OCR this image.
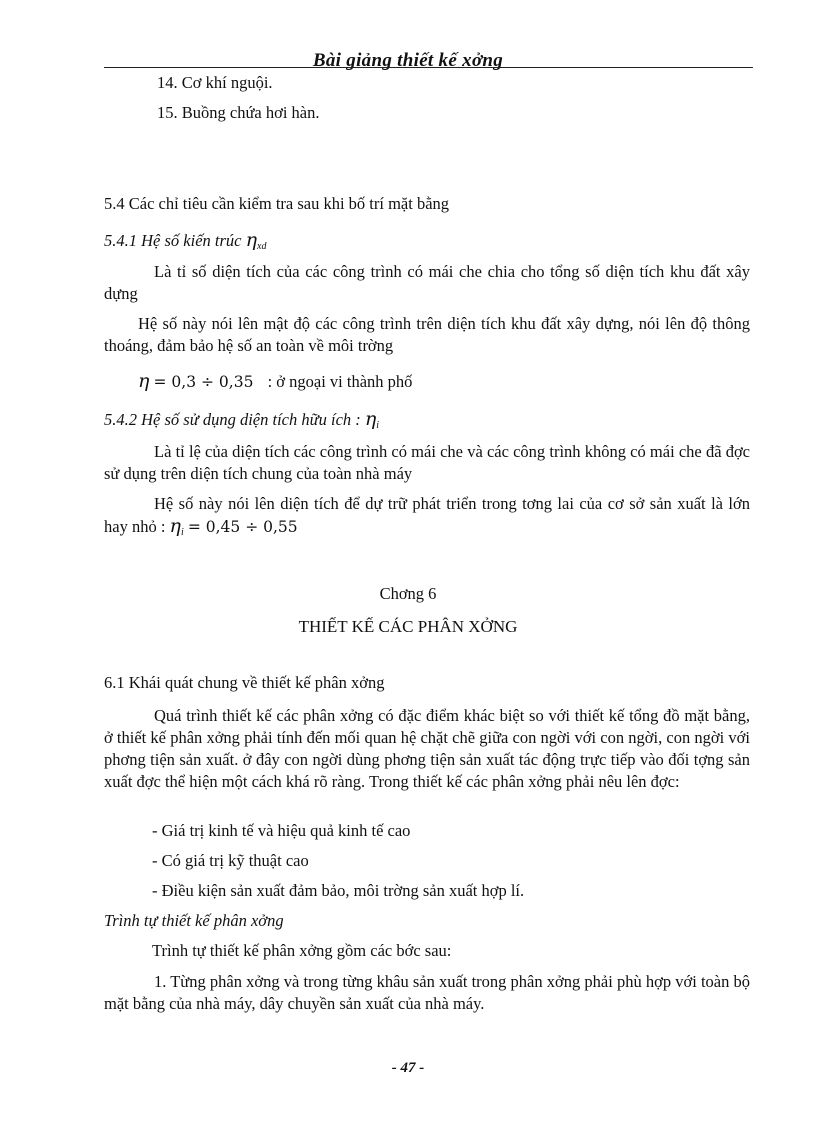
Bài giảng thiết kế xởng
14. Cơ khí nguội.
15. Buồng chứa hơi hàn.
5.4 Các chỉ tiêu cần kiểm tra sau khi bố trí mặt bằng
5.4.1 Hệ số kiến trúc $\eta_{xd}$
Là tỉ số diện tích của các công trình có mái che chia cho tổng số diện tích khu đất xây dựng
Hệ số này nói lên mật độ các công trình trên diện tích khu đất xây dựng, nói lên độ thông thoáng, đảm bảo hệ số an toàn về môi trờng
η = 0,3 ÷ 0,35 : ở ngoại vi thành phố
5.4.2 Hệ số sử dụng diện tích hữu ích : $\eta_i$
Là tỉ lệ của diện tích các công trình có mái che và các công trình không có mái che đã đợc sử dụng trên diện tích chung của toàn nhà máy
Hệ số này nói lên diện tích để dự trữ phát triển trong tơng lai của cơ sở sản xuất là lớn hay nhỏ : $\eta_i = 0,45 \div 0,55$
Chơng 6
THIẾT KẾ CÁC PHÂN XỞNG
6.1 Khái quát chung về thiết kế phân xởng
Quá trình thiết kế các phân xởng có đặc điểm khác biệt so với thiết kế tổng đồ mặt bằng, ở thiết kế phân xởng phải tính đến mối quan hệ chặt chẽ giữa con ngời với con ngời, con ngời với phơng tiện sản xuất. ở đây con ngời dùng phơng tiện sản xuất tác động trực tiếp vào đối tợng sản xuất đợc thể hiện một cách khá rõ ràng. Trong thiết kế các phân xởng phải nêu lên đợc:
- Giá trị kinh tế và hiệu quả kinh tế cao
- Có giá trị kỹ thuật cao
- Điều kiện sản xuất đảm bảo, môi trờng sản xuất hợp lí.
Trình tự thiết kế phân xởng
Trình tự thiết kế phân xởng gồm các bớc sau:
1. Từng phân xởng và trong từng khâu sản xuất trong phân xởng phải phù hợp với toàn bộ mặt bằng của nhà máy, dây chuyền sản xuất của nhà máy.
- 47 -
